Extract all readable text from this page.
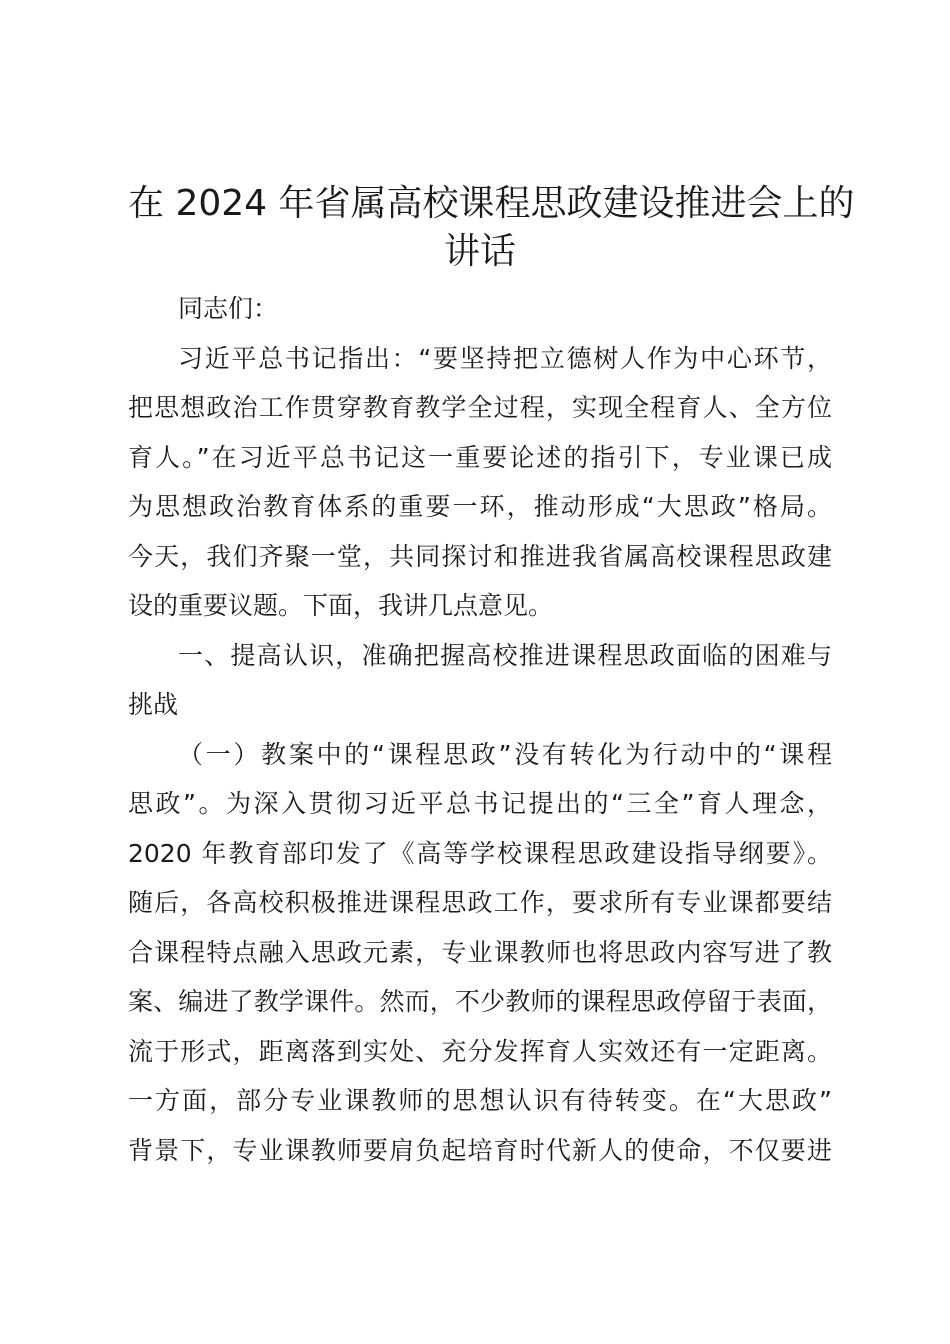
在 2024 年省属高校课程思政建设推进会上的
讲话

同志们：

习近平总书记指出：“要坚持把立德树人作为中心环节，
把思想政治工作贯穿教育教学全过程，实现全程育人、全方位
育人。”在习近平总书记这一重要论述的指引下，专业课已成
为思想政治教育体系的重要一环，推动形成“大思政”格局。
今天，我们齐聚一堂，共同探讨和推进我省属高校课程思政建
设的重要议题。下面，我讲几点意见。

一、提高认识，准确把握高校推进课程思政面临的困难与
挑战

（一）教案中的“课程思政”没有转化为行动中的“课程
思政”。为深入贯彻习近平总书记提出的“三全”育人理念，
2020 年教育部印发了《高等学校课程思政建设指导纲要》。
随后，各高校积极推进课程思政工作，要求所有专业课都要结
合课程特点融入思政元素，专业课教师也将思政内容写进了教
案、编进了教学课件。然而，不少教师的课程思政停留于表面，
流于形式，距离落到实处、充分发挥育人实效还有一定距离。
一方面，部分专业课教师的思想认识有待转变。在“大思政”
背景下，专业课教师要肩负起培育时代新人的使命，不仅要进
